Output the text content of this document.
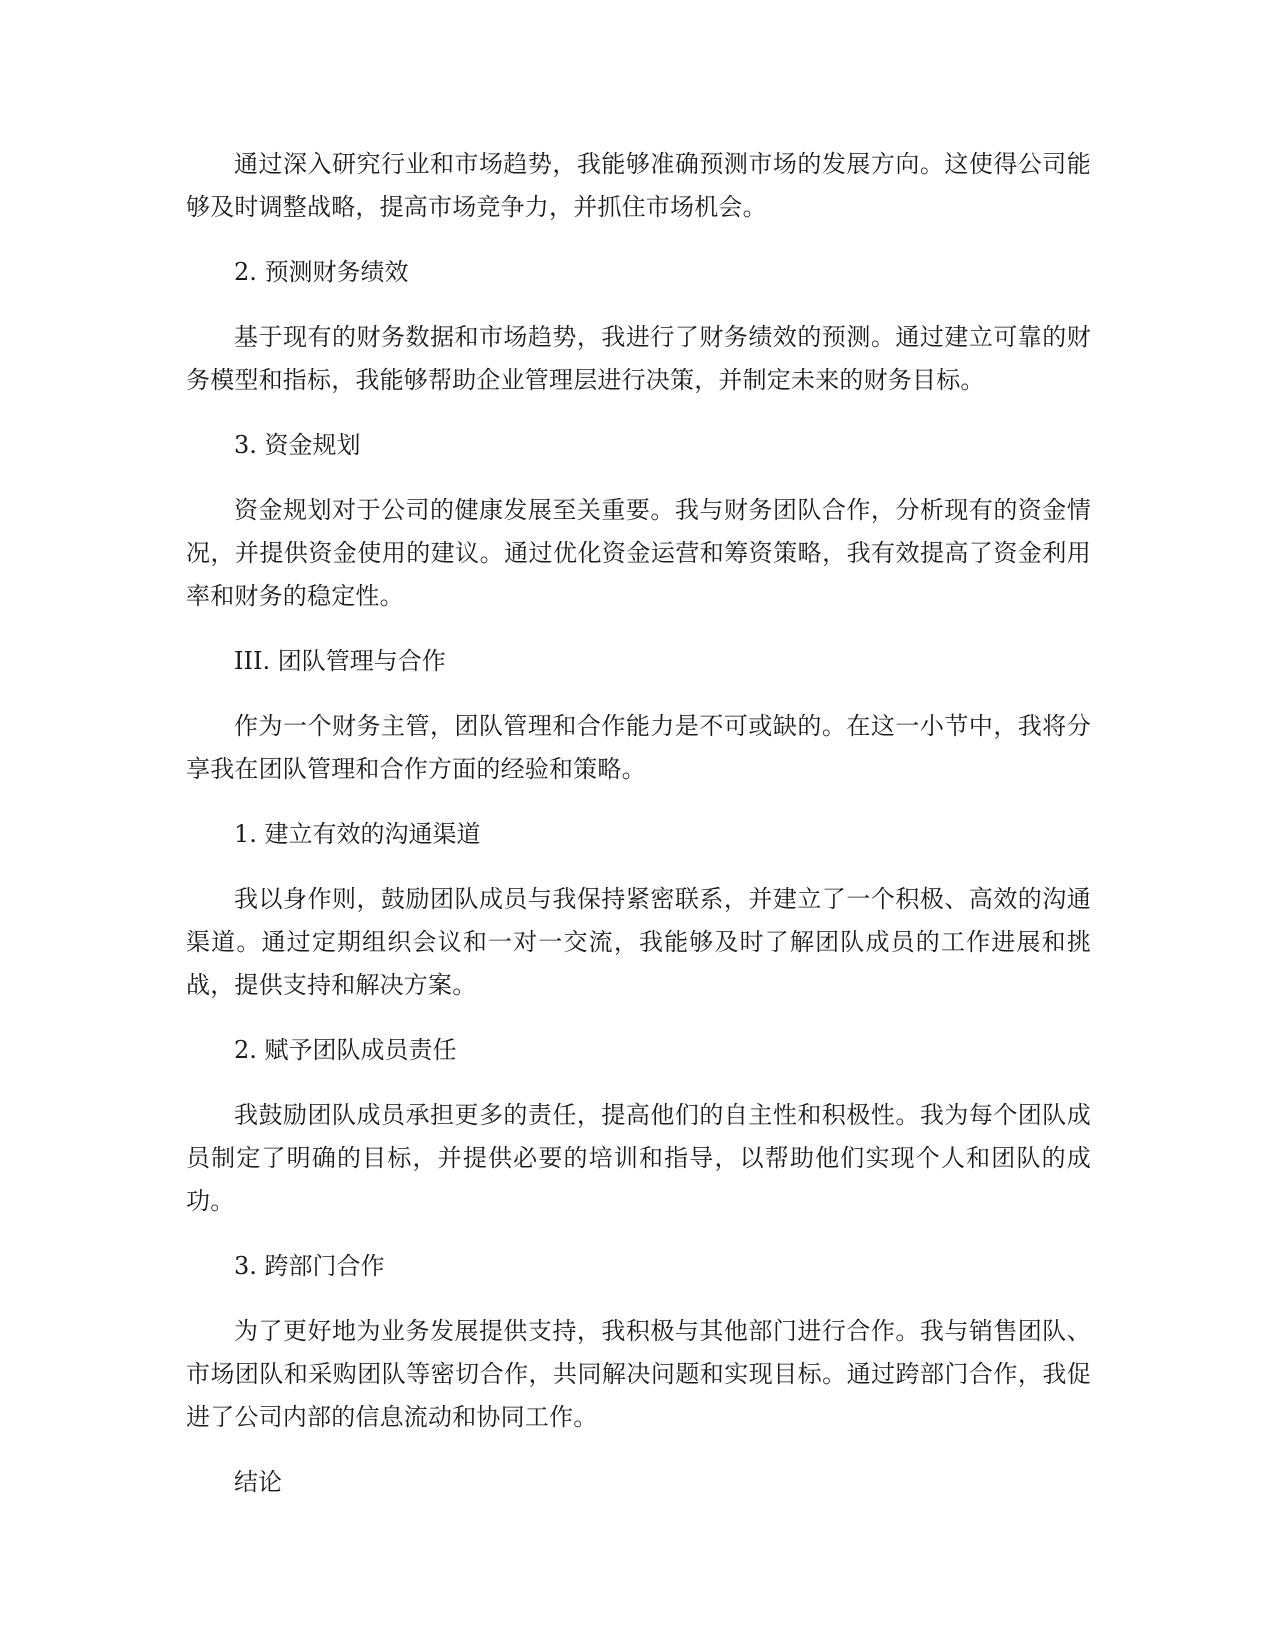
通过深入研究行业和市场趋势，我能够准确预测市场的发展方向。这使得公司能够及时调整战略，提高市场竞争力，并抓住市场机会。

2. 预测财务绩效

基于现有的财务数据和市场趋势，我进行了财务绩效的预测。通过建立可靠的财务模型和指标，我能够帮助企业管理层进行决策，并制定未来的财务目标。

3. 资金规划

资金规划对于公司的健康发展至关重要。我与财务团队合作，分析现有的资金情况，并提供资金使用的建议。通过优化资金运营和筹资策略，我有效提高了资金利用率和财务的稳定性。

III. 团队管理与合作

作为一个财务主管，团队管理和合作能力是不可或缺的。在这一小节中，我将分享我在团队管理和合作方面的经验和策略。

1. 建立有效的沟通渠道

我以身作则，鼓励团队成员与我保持紧密联系，并建立了一个积极、高效的沟通渠道。通过定期组织会议和一对一交流，我能够及时了解团队成员的工作进展和挑战，提供支持和解决方案。

2. 赋予团队成员责任

我鼓励团队成员承担更多的责任，提高他们的自主性和积极性。我为每个团队成员制定了明确的目标，并提供必要的培训和指导，以帮助他们实现个人和团队的成功。

3. 跨部门合作

为了更好地为业务发展提供支持，我积极与其他部门进行合作。我与销售团队、市场团队和采购团队等密切合作，共同解决问题和实现目标。通过跨部门合作，我促进了公司内部的信息流动和协同工作。

结论
